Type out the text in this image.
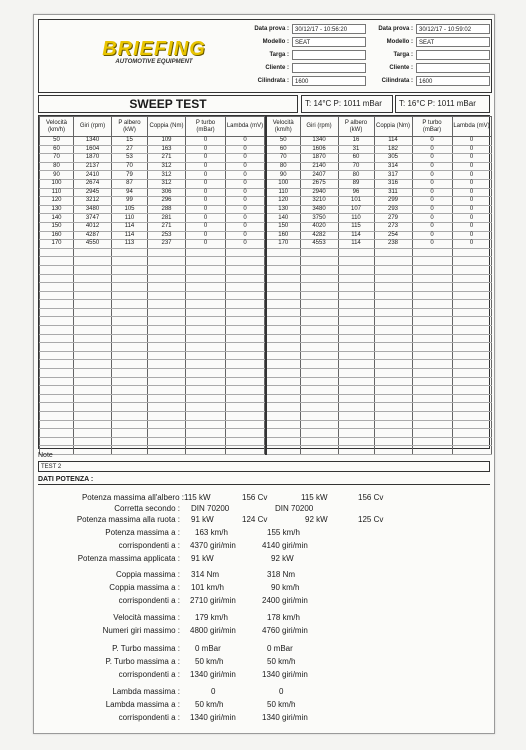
BRIEFING
AUTOMOTIVE EQUIPMENT
Data prova :	30/12/17 - 10:56:20
Modello :	SEAT
Targa :
Cliente :
Cilindrata :	1600
Data prova :	30/12/17 - 10:59:02
Modello :	SEAT
Targa :
Cliente :
Cilindrata :	1600
SWEEP TEST	T: 14°C P: 1011 mBar	T: 16°C P: 1011 mBar
Velocità (km/h)	Giri (rpm)	P albero (kW)	Coppia (Nm)	P turbo (mBar)	Lambda (mV)
50	1340	15	109	0	0
60	1604	27	163	0	0
70	1870	53	271	0	0
80	2137	70	312	0	0
90	2410	79	312	0	0
100	2674	87	312	0	0
110	2945	94	306	0	0
120	3212	99	296	0	0
130	3480	105	288	0	0
140	3747	110	281	0	0
150	4012	114	271	0	0
160	4287	114	253	0	0
170	4550	113	237	0	0

Velocità (km/h)	Giri (rpm)	P albero (kW)	Coppia (Nm)	P turbo (mBar)	Lambda (mV)
50	1340	16	114	0	0
60	1606	31	182	0	0
70	1870	60	305	0	0
80	2140	70	314	0	0
90	2407	80	317	0	0
100	2675	89	316	0	0
110	2940	96	311	0	0
120	3210	101	299	0	0
130	3480	107	293	0	0
140	3750	110	279	0	0
150	4020	115	273	0	0
160	4282	114	254	0	0
170	4553	114	238	0	0

Note
TEST 2
DATI POTENZA :
Potenza massima all'albero : 115 kW	156 Cv	115 kW	156 Cv
Corretta secondo : DIN 70200	DIN 70200
Potenza massima alla ruota : 91 kW	124 Cv	92 kW	125 Cv
Potenza massima a : 163 km/h	155 km/h
corrispondenti a : 4370 giri/min	4140 giri/min
Potenza massima applicata : 91 kW	92 kW
Coppia massima : 314 Nm	318 Nm
Coppia massima a : 101 km/h	90 km/h
corrispondenti a : 2710 giri/min	2400 giri/min
Velocità massima : 179 km/h	178 km/h
Numeri giri massimo : 4800 giri/min	4760 giri/min
P. Turbo massima : 0 mBar	0 mBar
P. Turbo massima a : 50 km/h	50 km/h
corrispondenti a : 1340 giri/min	1340 giri/min
Lambda massima :	0	0
Lambda massima a : 50 km/h	50 km/h
corrispondenti a : 1340 giri/min	1340 giri/min
